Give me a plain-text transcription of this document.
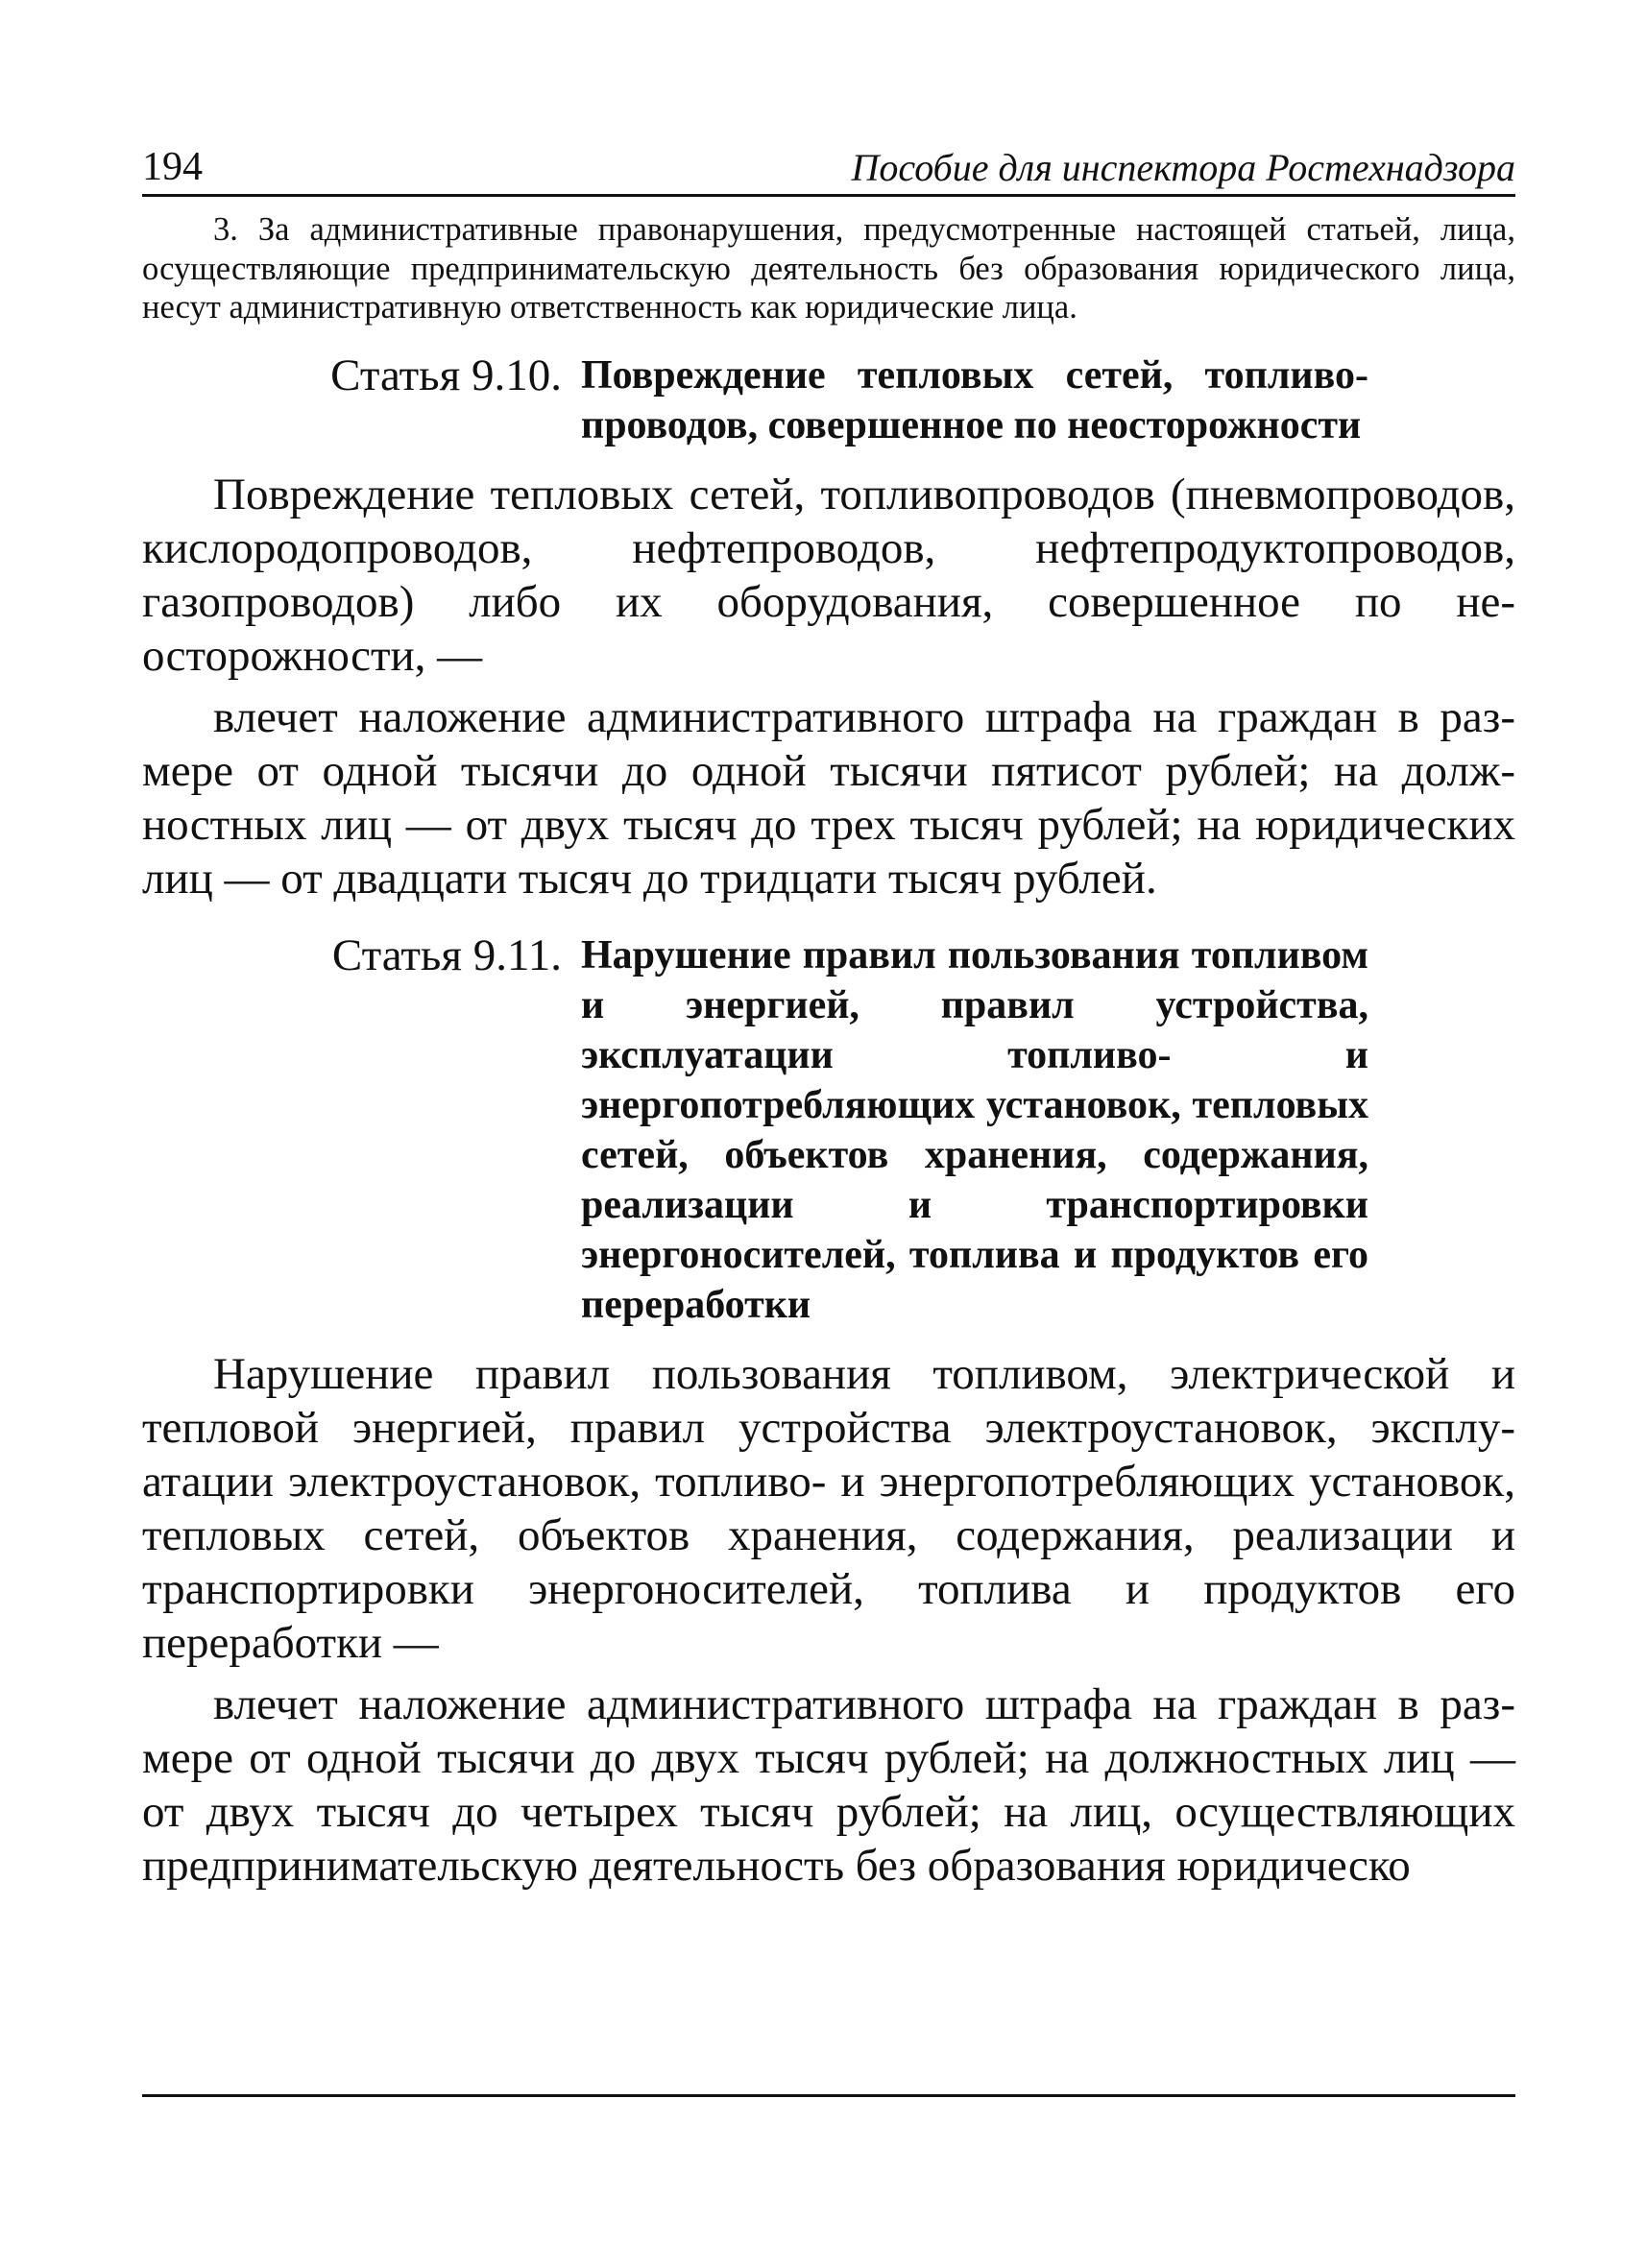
194	Пособие для инспектора Ростехнадзора

3. За административные правонарушения, предусмотренные настоящей статьей, лица, осуществляющие предпринимательскую деятельность без образования юридического лица, несут административную ответственность как юридические лица.

Статья 9.10. Повреждение тепловых сетей, топливопроводов, совершенное по неосторожности

Повреждение тепловых сетей, топливопроводов (пневмопроводов, кислородопроводов, нефтепроводов, нефтепродуктопроводов, газопроводов) либо их оборудования, совершенное по неосторожности, —

влечет наложение административного штрафа на граждан в размере от одной тысячи до одной тысячи пятисот рублей; на должностных лиц — от двух тысяч до трех тысяч рублей; на юридических лиц — от двадцати тысяч до тридцати тысяч рублей.

Статья 9.11. Нарушение правил пользования топливом и энергией, правил устройства, эксплуатации топливо- и энергопотребляющих установок, тепловых сетей, объектов хранения, содержания, реализации и транспортировки энергоносителей, топлива и продуктов его переработки

Нарушение правил пользования топливом, электрической и тепловой энергией, правил устройства электроустановок, эксплуатации электроустановок, топливо- и энергопотребляющих установок, тепловых сетей, объектов хранения, содержания, реализации и транспортировки энергоносителей, топлива и продуктов его переработки —

влечет наложение административного штрафа на граждан в размере от одной тысячи до двух тысяч рублей; на должностных лиц — от двух тысяч до четырех тысяч рублей; на лиц, осуществляющих предпринимательскую деятельность без образования юридическо
